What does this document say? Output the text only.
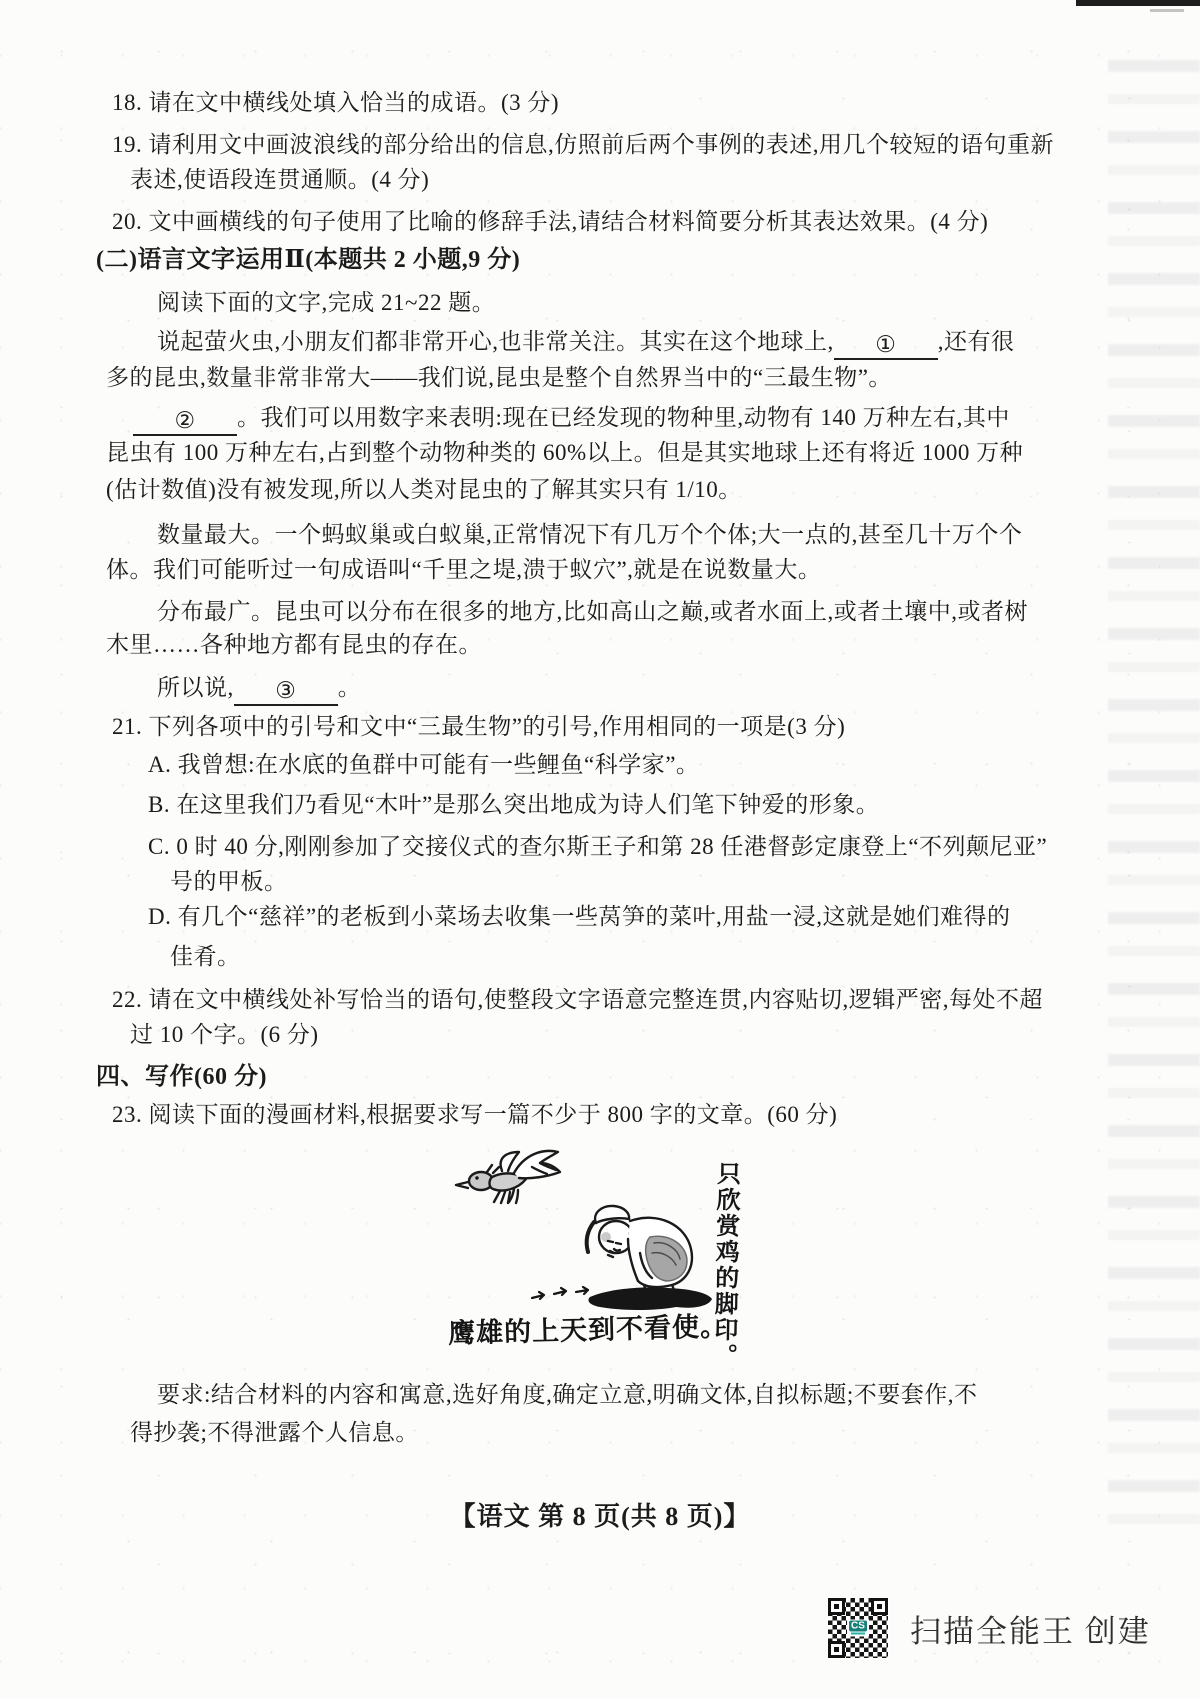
18. 请在文中横线处填入恰当的成语。(3 分)
19. 请利用文中画波浪线的部分给出的信息,仿照前后两个事例的表述,用几个较短的语句重新
表述,使语段连贯通顺。(4 分)
20. 文中画横线的句子使用了比喻的修辞手法,请结合材料简要分析其表达效果。(4 分)
(二)语言文字运用Ⅱ(本题共 2 小题,9 分)
阅读下面的文字,完成 21~22 题。
说起萤火虫,小朋友们都非常开心,也非常关注。其实在这个地球上, ① ,还有很
多的昆虫,数量非常非常大——我们说,昆虫是整个自然界当中的“三最生物”。
② 。我们可以用数字来表明:现在已经发现的物种里,动物有 140 万种左右,其中
昆虫有 100 万种左右,占到整个动物种类的 60%以上。但是其实地球上还有将近 1000 万种
(估计数值)没有被发现,所以人类对昆虫的了解其实只有 1/10。
数量最大。一个蚂蚁巢或白蚁巢,正常情况下有几万个个体;大一点的,甚至几十万个个
体。我们可能听过一句成语叫“千里之堤,溃于蚁穴”,就是在说数量大。
分布最广。昆虫可以分布在很多的地方,比如高山之巅,或者水面上,或者土壤中,或者树
木里……各种地方都有昆虫的存在。
所以说, ③ 。
21. 下列各项中的引号和文中“三最生物”的引号,作用相同的一项是(3 分)
A. 我曾想:在水底的鱼群中可能有一些鲤鱼“科学家”。
B. 在这里我们乃看见“木叶”是那么突出地成为诗人们笔下钟爱的形象。
C. 0 时 40 分,刚刚参加了交接仪式的查尔斯王子和第 28 任港督彭定康登上“不列颠尼亚”
号的甲板。
D. 有几个“慈祥”的老板到小菜场去收集一些莴笋的菜叶,用盐一浸,这就是她们难得的
佳肴。
22. 请在文中横线处补写恰当的语句,使整段文字语意完整连贯,内容贴切,逻辑严密,每处不超
过 10 个字。(6 分)
四、写作(60 分)
23. 阅读下面的漫画材料,根据要求写一篇不少于 800 字的文章。(60 分)
鹰雄的上天到不看使。
只欣赏鸡的脚印。
要求:结合材料的内容和寓意,选好角度,确定立意,明确文体,自拟标题;不要套作,不
得抄袭;不得泄露个人信息。
【语文 第 8 页(共 8 页)】
CS 扫描全能王 创建
